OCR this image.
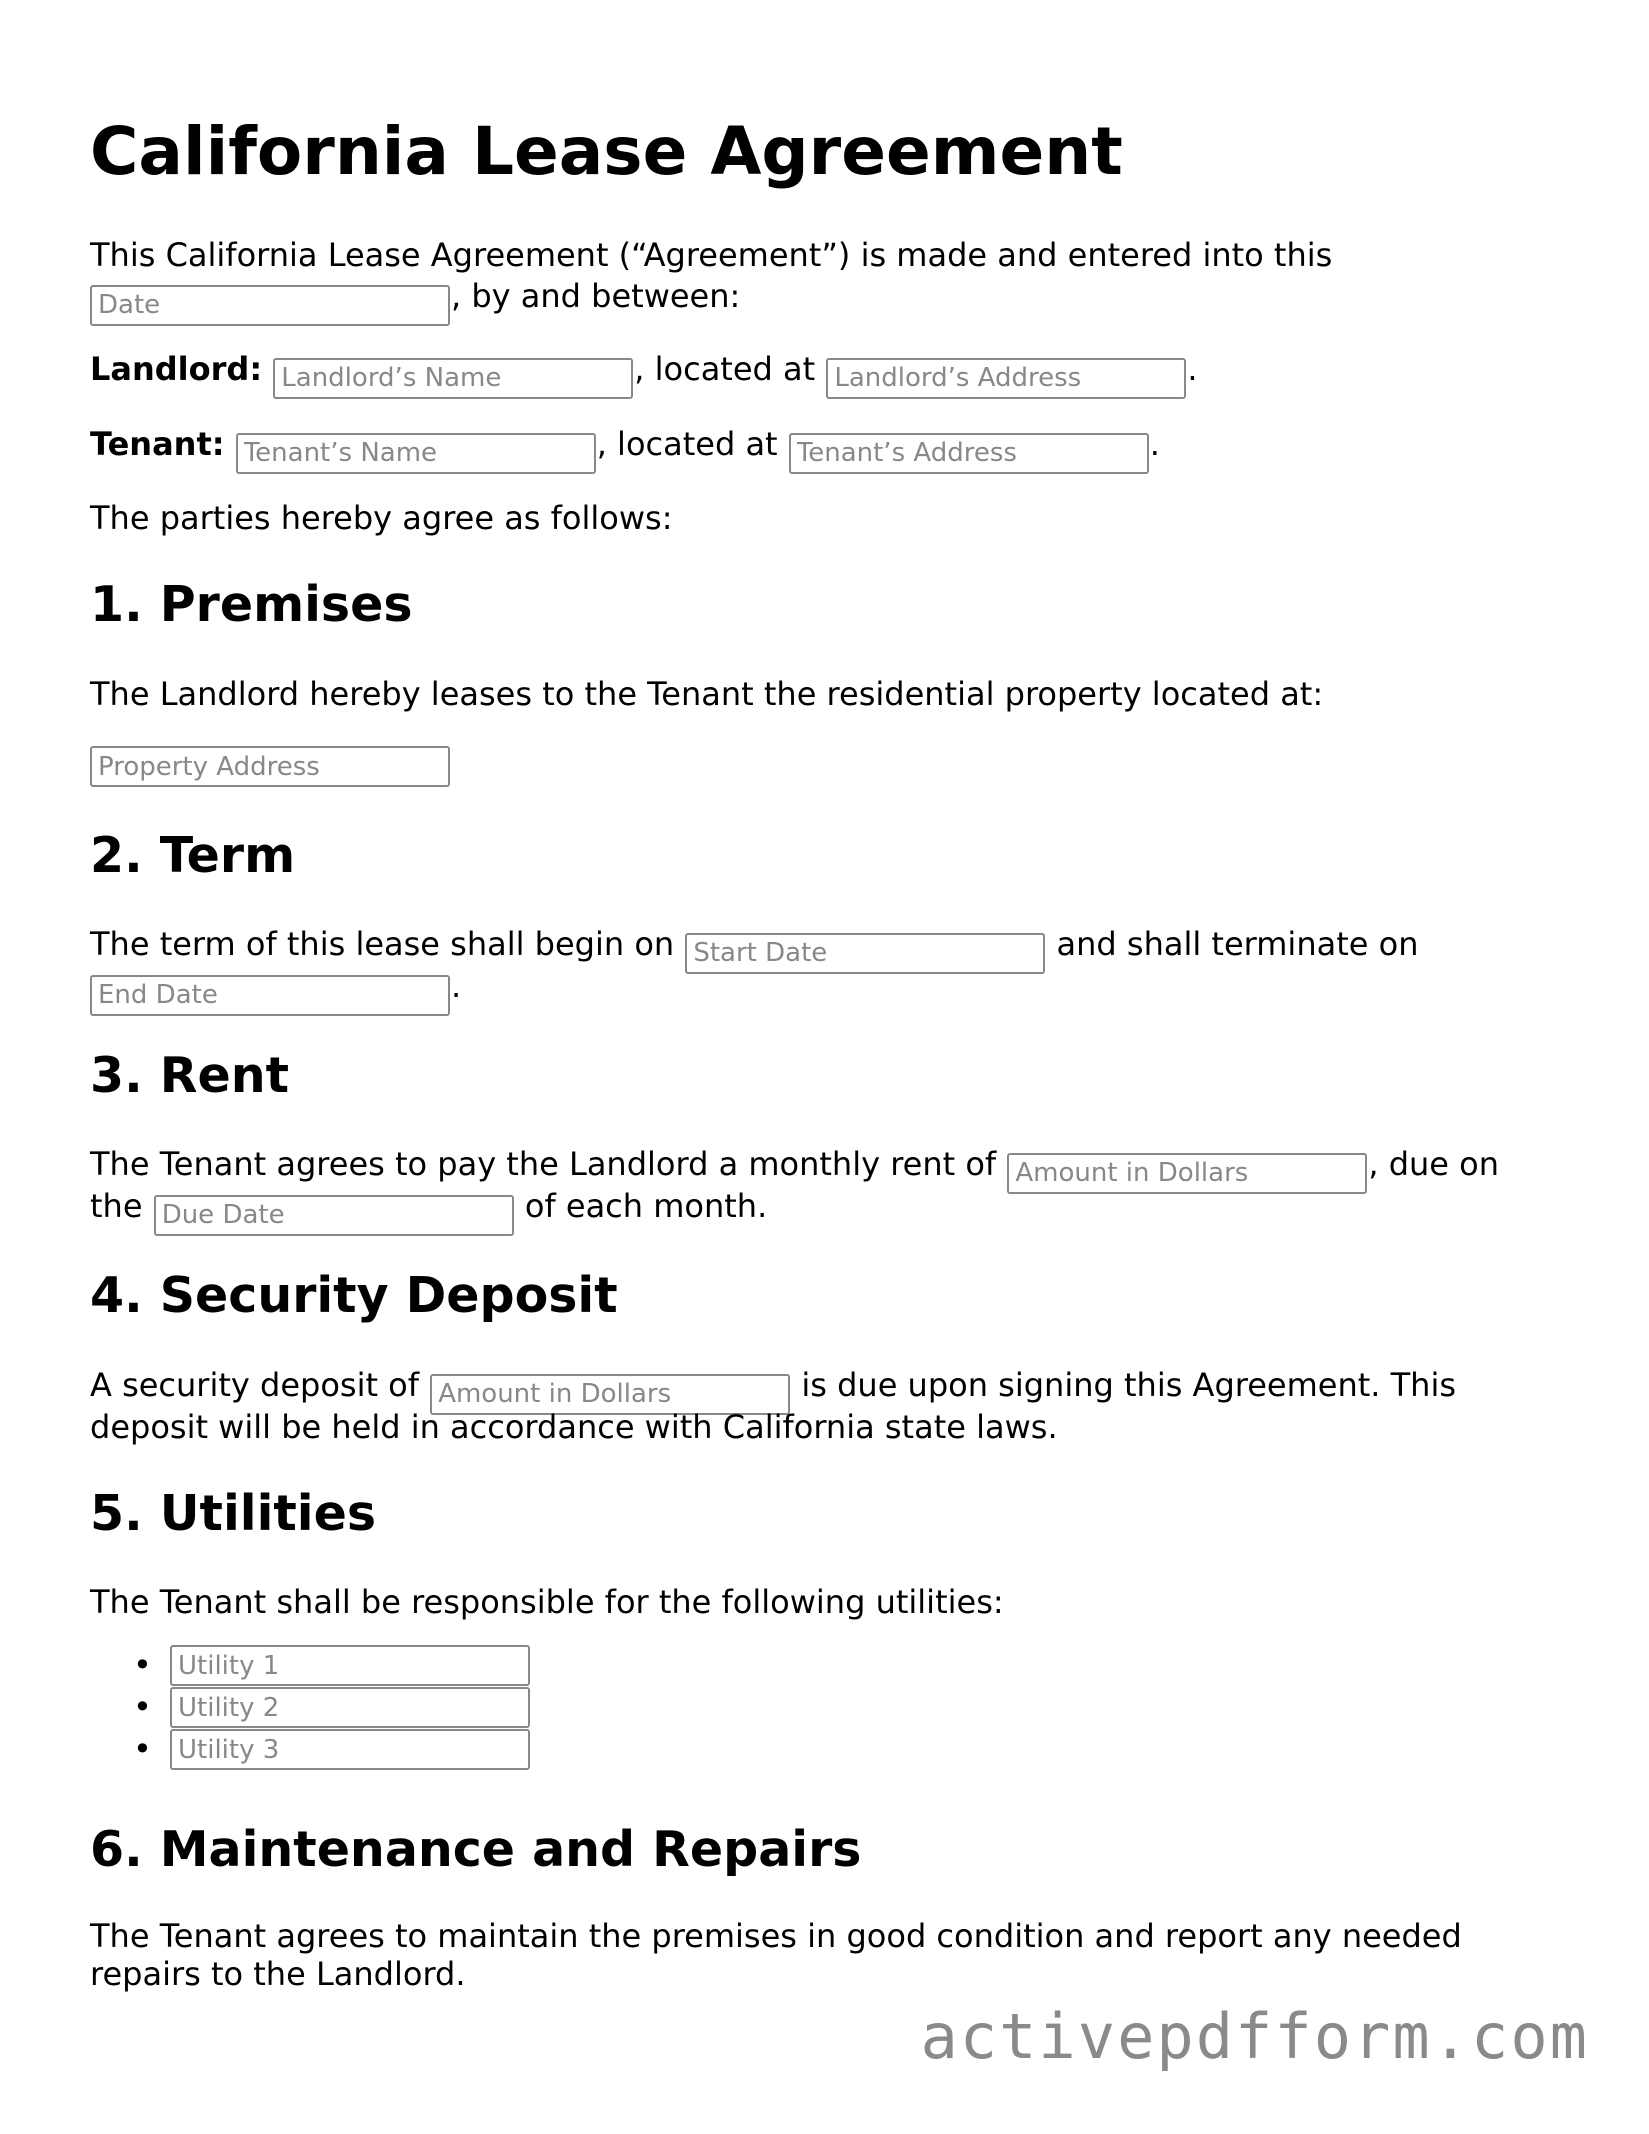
California Lease Agreement
This California Lease Agreement (“Agreement”) is made and entered into this
Date, by and between:
Landlord: Landlord’s Name	, located at Landlord’s Address	.
Tenant: Tenant’s Name	, located at Tenant’s Address	.
The parties hereby agree as follows:
1. Premises
The Landlord hereby leases to the Tenant the residential property located at:
Property Address
2. Term
The term of this lease shall begin on Start Date	and shall terminate on
End Date.
3. Rent
The Tenant agrees to pay the Landlord a monthly rent of Amount in Dollars	, due on
the Due Date	of each month.
4. Security Deposit
A security deposit of Amount in Dollars	is due upon signing this Agreement. This
deposit will be held in accordance with California state laws.
5. Utilities
The Tenant shall be responsible for the following utilities:
•
Utility 1
•
Utility 2
•
Utility 3
6. Maintenance and Repairs
The Tenant agrees to maintain the premises in good condition and report any needed
repairs to the Landlord.
activepdfform.com
